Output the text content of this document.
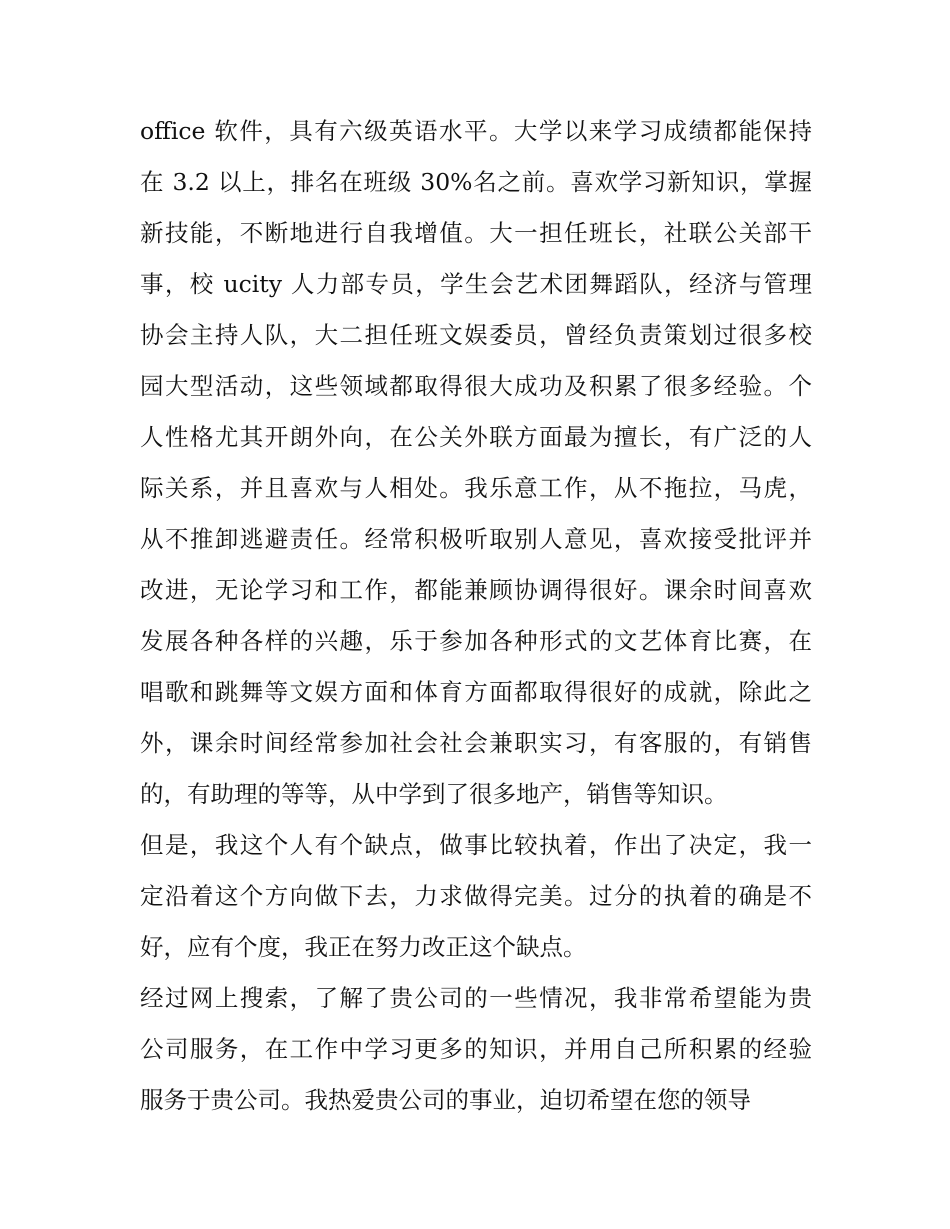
office 软件，具有六级英语水平。大学以来学习成绩都能保持
在 3.2 以上，排名在班级 30%名之前。喜欢学习新知识，掌握
新技能，不断地进行自我增值。大一担任班长，社联公关部干
事，校 ucity 人力部专员，学生会艺术团舞蹈队，经济与管理
协会主持人队，大二担任班文娱委员，曾经负责策划过很多校
园大型活动，这些领域都取得很大成功及积累了很多经验。个
人性格尤其开朗外向，在公关外联方面最为擅长，有广泛的人
际关系，并且喜欢与人相处。我乐意工作，从不拖拉，马虎，
从不推卸逃避责任。经常积极听取别人意见，喜欢接受批评并
改进，无论学习和工作，都能兼顾协调得很好。课余时间喜欢
发展各种各样的兴趣，乐于参加各种形式的文艺体育比赛，在
唱歌和跳舞等文娱方面和体育方面都取得很好的成就，除此之
外，课余时间经常参加社会社会兼职实习，有客服的，有销售
的，有助理的等等，从中学到了很多地产，销售等知识。

但是，我这个人有个缺点，做事比较执着，作出了决定，我一
定沿着这个方向做下去，力求做得完美。过分的执着的确是不
好，应有个度，我正在努力改正这个缺点。

经过网上搜索，了解了贵公司的一些情况，我非常希望能为贵
公司服务，在工作中学习更多的知识，并用自己所积累的经验
服务于贵公司。我热爱贵公司的事业，迫切希望在您的领导
